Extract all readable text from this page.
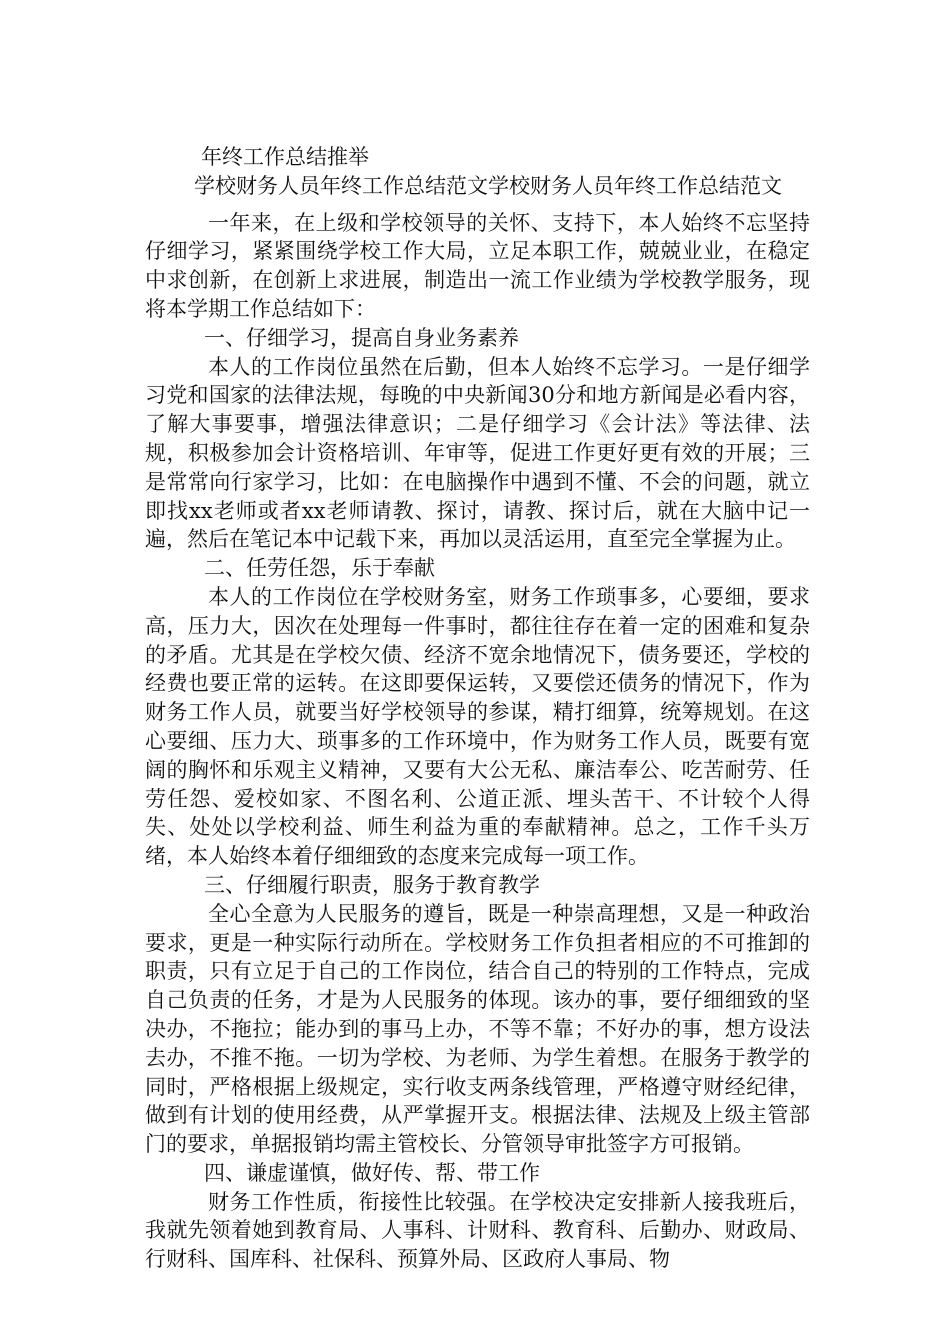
年终工作总结推举

学校财务人员年终工作总结范文学校财务人员年终工作总结范文

一年来，在上级和学校领导的关怀、支持下，本人始终不忘坚持仔细学习，紧紧围绕学校工作大局，立足本职工作，兢兢业业，在稳定中求创新，在创新上求进展，制造出一流工作业绩为学校教学服务，现将本学期工作总结如下：

一、仔细学习，提高自身业务素养

本人的工作岗位虽然在后勤，但本人始终不忘学习。一是仔细学习党和国家的法律法规，每晚的中央新闻30分和地方新闻是必看内容，了解大事要事，增强法律意识；二是仔细学习《会计法》等法律、法规，积极参加会计资格培训、年审等，促进工作更好更有效的开展；三是常常向行家学习，比如：在电脑操作中遇到不懂、不会的问题，就立即找xx老师或者xx老师请教、探讨，请教、探讨后，就在大脑中记一遍，然后在笔记本中记载下来，再加以灵活运用，直至完全掌握为止。

二、任劳任怨，乐于奉献

本人的工作岗位在学校财务室，财务工作琐事多，心要细，要求高，压力大，因次在处理每一件事时，都往往存在着一定的困难和复杂的矛盾。尤其是在学校欠债、经济不宽余地情况下，债务要还，学校的经费也要正常的运转。在这即要保运转，又要偿还债务的情况下，作为财务工作人员，就要当好学校领导的参谋，精打细算，统筹规划。在这心要细、压力大、琐事多的工作环境中，作为财务工作人员，既要有宽阔的胸怀和乐观主义精神，又要有大公无私、廉洁奉公、吃苦耐劳、任劳任怨、爱校如家、不图名利、公道正派、埋头苦干、不计较个人得失、处处以学校利益、师生利益为重的奉献精神。总之，工作千头万绪，本人始终本着仔细细致的态度来完成每一项工作。

三、仔细履行职责，服务于教育教学

全心全意为人民服务的遵旨，既是一种崇高理想，又是一种政治要求，更是一种实际行动所在。学校财务工作负担者相应的不可推卸的职责，只有立足于自己的工作岗位，结合自己的特别的工作特点，完成自己负责的任务，才是为人民服务的体现。该办的事，要仔细细致的坚决办，不拖拉；能办到的事马上办，不等不靠；不好办的事，想方设法去办，不推不拖。一切为学校、为老师、为学生着想。在服务于教学的同时，严格根据上级规定，实行收支两条线管理，严格遵守财经纪律，做到有计划的使用经费，从严掌握开支。根据法律、法规及上级主管部门的要求，单据报销均需主管校长、分管领导审批签字方可报销。

四、谦虚谨慎，做好传、帮、带工作

财务工作性质，衔接性比较强。在学校决定安排新人接我班后，我就先领着她到教育局、人事科、计财科、教育科、后勤办、财政局、行财科、国库科、社保科、预算外局、区政府人事局、物
